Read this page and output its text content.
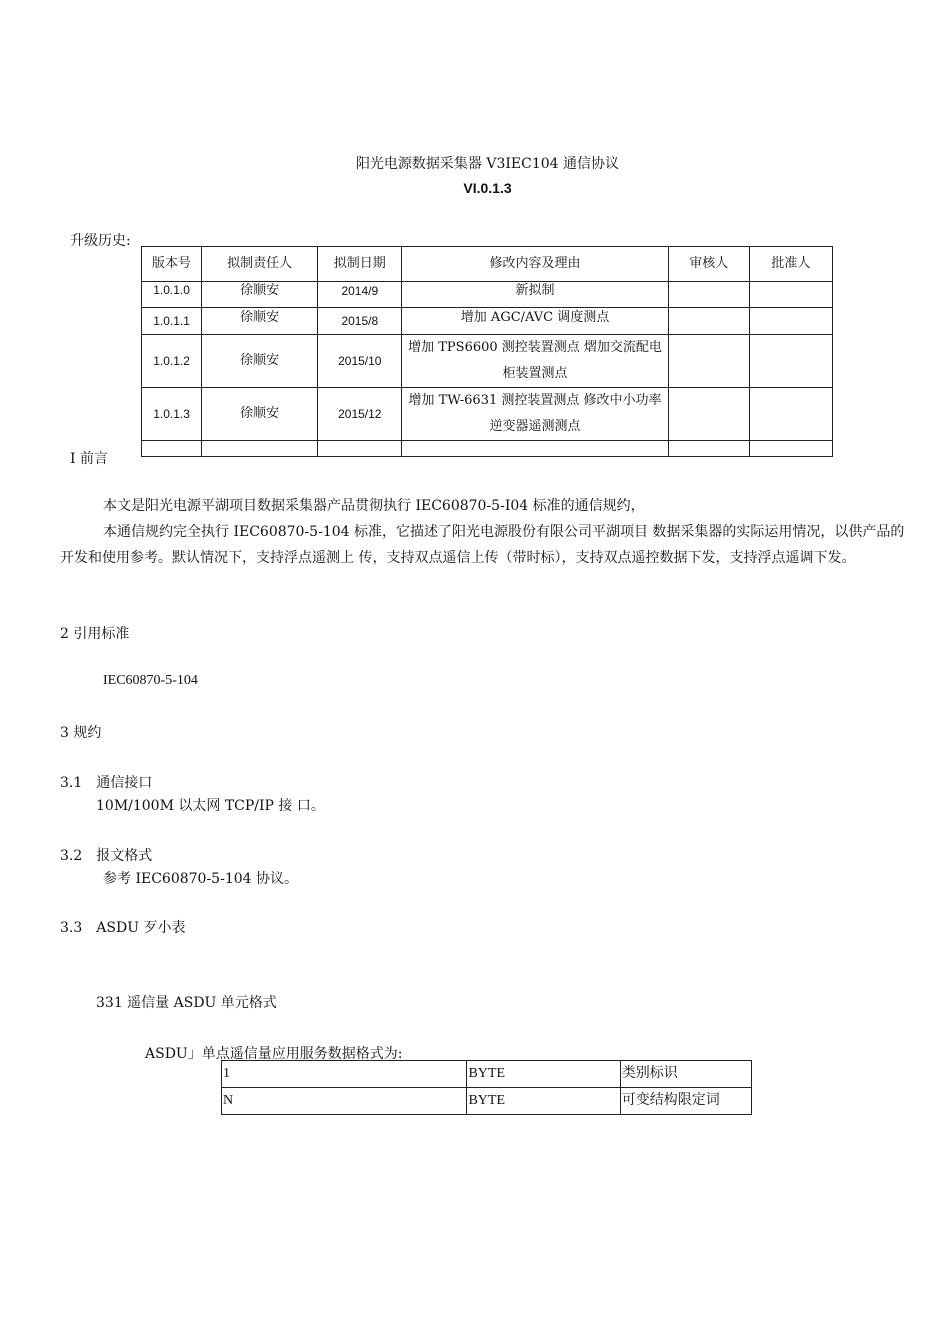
阳光电源数据采集器 V3IEC104 通信协议
VI.0.1.3
升级历史:
版本号	拟制责任人	拟制日期	修改内容及理由	审核人	批准人
1.0.1.0	徐顺安	2014/9	新拟制		
1.0.1.1	徐顺安	2015/8	增加 AGC/AVC 调度测点		
1.0.1.2	徐顺安	2015/10	增加 TPS6600 测控装置测点 熠加交流配电柜装置测点		
1.0.1.3	徐顺安	2015/12	增加 TW-6631 测控装置测点 修改中小功率逆变器遥测测点		

I 前言
本文是阳光电源平湖项目数据采集器产品贯彻执行 IEC60870-5-I04 标准的通信规约，
本通信规约完全执行 IEC60870-5-104 标准，它描述了阳光电源股份有限公司平湖项目 数据采集器的实际运用情况，以供产品的开发和使用参考。默认情况下，支持浮点遥测上 传，支持双点遥信上传（带时标），支持双点遥控数据下发，支持浮点遥调下发。
2 引用标准
IEC60870-5-104
3 规约
3.1　通信接口
10M/100M 以太网 TCP/IP 接 口。
3.2　报文格式
参考 IEC60870-5-104 协议。
3.3　ASDU 歹小表
331 遥信量 ASDU 单元格式
ASDU」单点遥信量应用服务数据格式为:
1	BYTE	类别标识
N	BYTE	可变结构限定词
